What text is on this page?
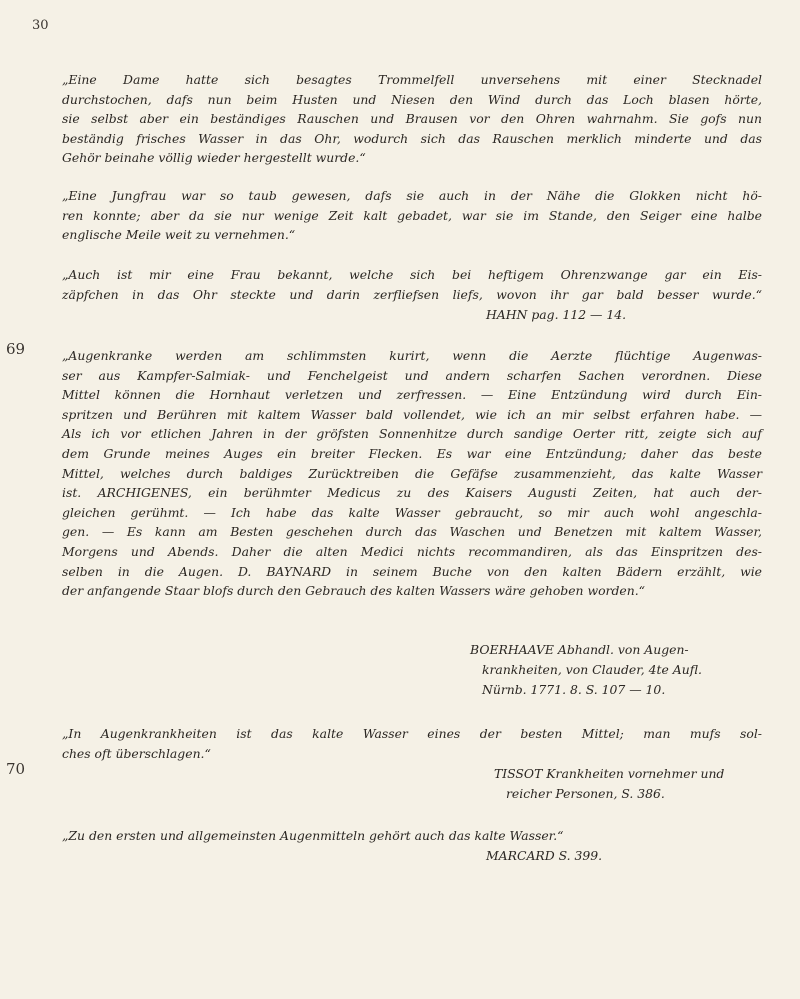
30
69
70
„Eine Dame hatte sich besagtes Trommelfell unversehens mit einer Stecknadel
durchstochen, dafs nun beim Husten und Niesen den Wind durch das Loch blasen hörte,
sie selbst aber ein beständiges Rauschen und Brausen vor den Ohren wahrnahm. Sie gofs nun
beständig frisches Wasser in das Ohr, wodurch sich das Rauschen merklich minderte und das
Gehör beinahe völlig wieder hergestellt wurde.“
„Eine Jungfrau war so taub gewesen, dafs sie auch in der Nähe die Glokken nicht hö-
ren konnte; aber da sie nur wenige Zeit kalt gebadet, war sie im Stande, den Seiger eine halbe
englische Meile weit zu vernehmen.“
„Auch ist mir eine Frau bekannt, welche sich bei heftigem Ohrenzwange gar ein Eis-
zäpfchen in das Ohr steckte und darin zerfliefsen liefs, wovon ihr gar bald besser wurde.“
HAHN pag. 112 — 14.
„Augenkranke werden am schlimmsten kurirt, wenn die Aerzte flüchtige Augenwas-
ser aus Kampfer-Salmiak- und Fenchelgeist und andern scharfen Sachen verordnen. Diese
Mittel können die Hornhaut verletzen und zerfressen. — Eine Entzündung wird durch Ein-
spritzen und Berühren mit kaltem Wasser bald vollendet, wie ich an mir selbst erfahren habe. —
Als ich vor etlichen Jahren in der gröfsten Sonnenhitze durch sandige Oerter ritt, zeigte sich auf
dem Grunde meines Auges ein breiter Flecken. Es war eine Entzündung; daher das beste
Mittel, welches durch baldiges Zurücktreiben die Gefäfse zusammenzieht, das kalte Wasser
ist. ARCHIGENES, ein berühmter Medicus zu des Kaisers Augusti Zeiten, hat auch der-
gleichen gerühmt. — Ich habe das kalte Wasser gebraucht, so mir auch wohl angeschla-
gen. — Es kann am Besten geschehen durch das Waschen und Benetzen mit kaltem Wasser,
Morgens und Abends. Daher die alten Medici nichts recommandiren, als das Einspritzen des-
selben in die Augen. D. BAYNARD in seinem Buche von den kalten Bädern erzählt, wie
der anfangende Staar blofs durch den Gebrauch des kalten Wassers wäre gehoben worden.“
BOERHAAVE Abhandl. von Augen-
krankheiten, von Clauder, 4te Aufl.
Nürnb. 1771. 8. S. 107 — 10.
„In Augenkrankheiten ist das kalte Wasser eines der besten Mittel; man mufs sol-
ches oft überschlagen.“
TISSOT Krankheiten vornehmer und
reicher Personen, S. 386.
„Zu den ersten und allgemeinsten Augenmitteln gehört auch das kalte Wasser.“
MARCARD S. 399.
